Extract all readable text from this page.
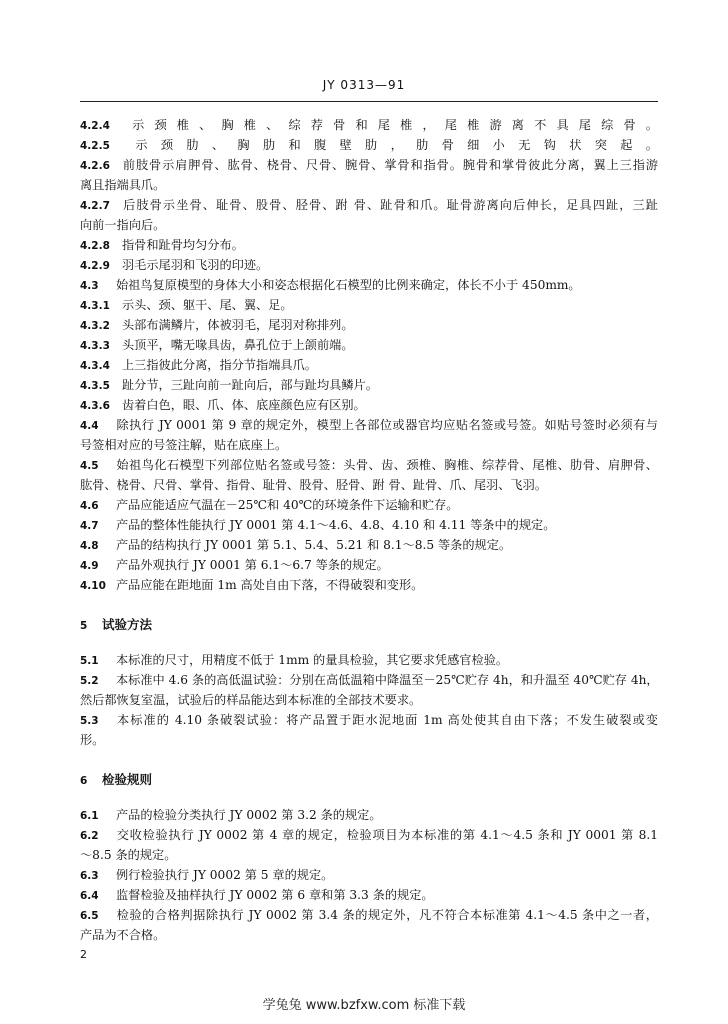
JY 0313—91
4.2.4 示颈椎、胸椎、综荐骨和尾椎，尾椎游离不具尾综骨。
4.2.5 示颈肋、胸肋和腹壁肋，肋骨细小无钩状突起。
4.2.6 前肢骨示肩胛骨、肱骨、桡骨、尺骨、腕骨、掌骨和指骨。腕骨和掌骨彼此分离，翼上三指游
离且指端具爪。
4.2.7 后肢骨示坐骨、耻骨、股骨、胫骨、跗 骨、趾骨和爪。耻骨游离向后伸长，足具四趾，三趾
向前一指向后。
4.2.8 指骨和趾骨均匀分布。
4.2.9 羽毛示尾羽和飞羽的印迹。
4.3 始祖鸟复原模型的身体大小和姿态根据化石模型的比例来确定，体长不小于 450mm。
4.3.1 示头、颈、躯干、尾、翼、足。
4.3.2 头部布满鳞片，体被羽毛，尾羽对称排列。
4.3.3 头顶平，嘴无喙具齿，鼻孔位于上颌前端。
4.3.4 上三指彼此分离，指分节指端具爪。
4.3.5 趾分节，三趾向前一趾向后，部与趾均具鳞片。
4.3.6 齿着白色，眼、爪、体、底座颜色应有区别。
4.4 除执行 JY 0001 第 9 章的规定外，模型上各部位或器官均应贴名签或号签。如贴号签时必须有与
号签相对应的号签注解，贴在底座上。
4.5 始祖鸟化石模型下列部位贴名签或号签：头骨、齿、颈椎、胸椎、综荐骨、尾椎、肋骨、肩胛骨、
肱骨、桡骨、尺骨、掌骨、指骨、耻骨、股骨、胫骨、跗 骨、趾骨、爪、尾羽、飞羽。
4.6 产品应能适应气温在－25℃和 40℃的环境条件下运输和贮存。
4.7 产品的整体性能执行 JY 0001 第 4.1～4.6、4.8、4.10 和 4.11 等条中的规定。
4.8 产品的结构执行 JY 0001 第 5.1、5.4、5.21 和 8.1～8.5 等条的规定。
4.9 产品外观执行 JY 0001 第 6.1～6.7 等条的规定。
4.10 产品应能在距地面 1m 高处自由下落，不得破裂和变形。
5 试验方法
5.1 本标准的尺寸，用精度不低于 1mm 的量具检验，其它要求凭感官检验。
5.2 本标准中 4.6 条的高低温试验：分别在高低温箱中降温至－25℃贮存 4h，和升温至 40℃贮存 4h，
然后都恢复室温，试验后的样品能达到本标准的全部技术要求。
5.3 本标准的 4.10 条破裂试验：将产品置于距水泥地面 1m 高处使其自由下落；不发生破裂或变
形。
6 检验规则
6.1 产品的检验分类执行 JY 0002 第 3.2 条的规定。
6.2 交收检验执行 JY 0002 第 4 章的规定，检验项目为本标准的第 4.1～4.5 条和 JY 0001 第 8.1
～8.5 条的规定。
6.3 例行检验执行 JY 0002 第 5 章的规定。
6.4 监督检验及抽样执行 JY 0002 第 6 章和第 3.3 条的规定。
6.5 检验的合格判据除执行 JY 0002 第 3.4 条的规定外，凡不符合本标准第 4.1～4.5 条中之一者，
产品为不合格。
2
学兔兔 www.bzfxw.com 标准下载
